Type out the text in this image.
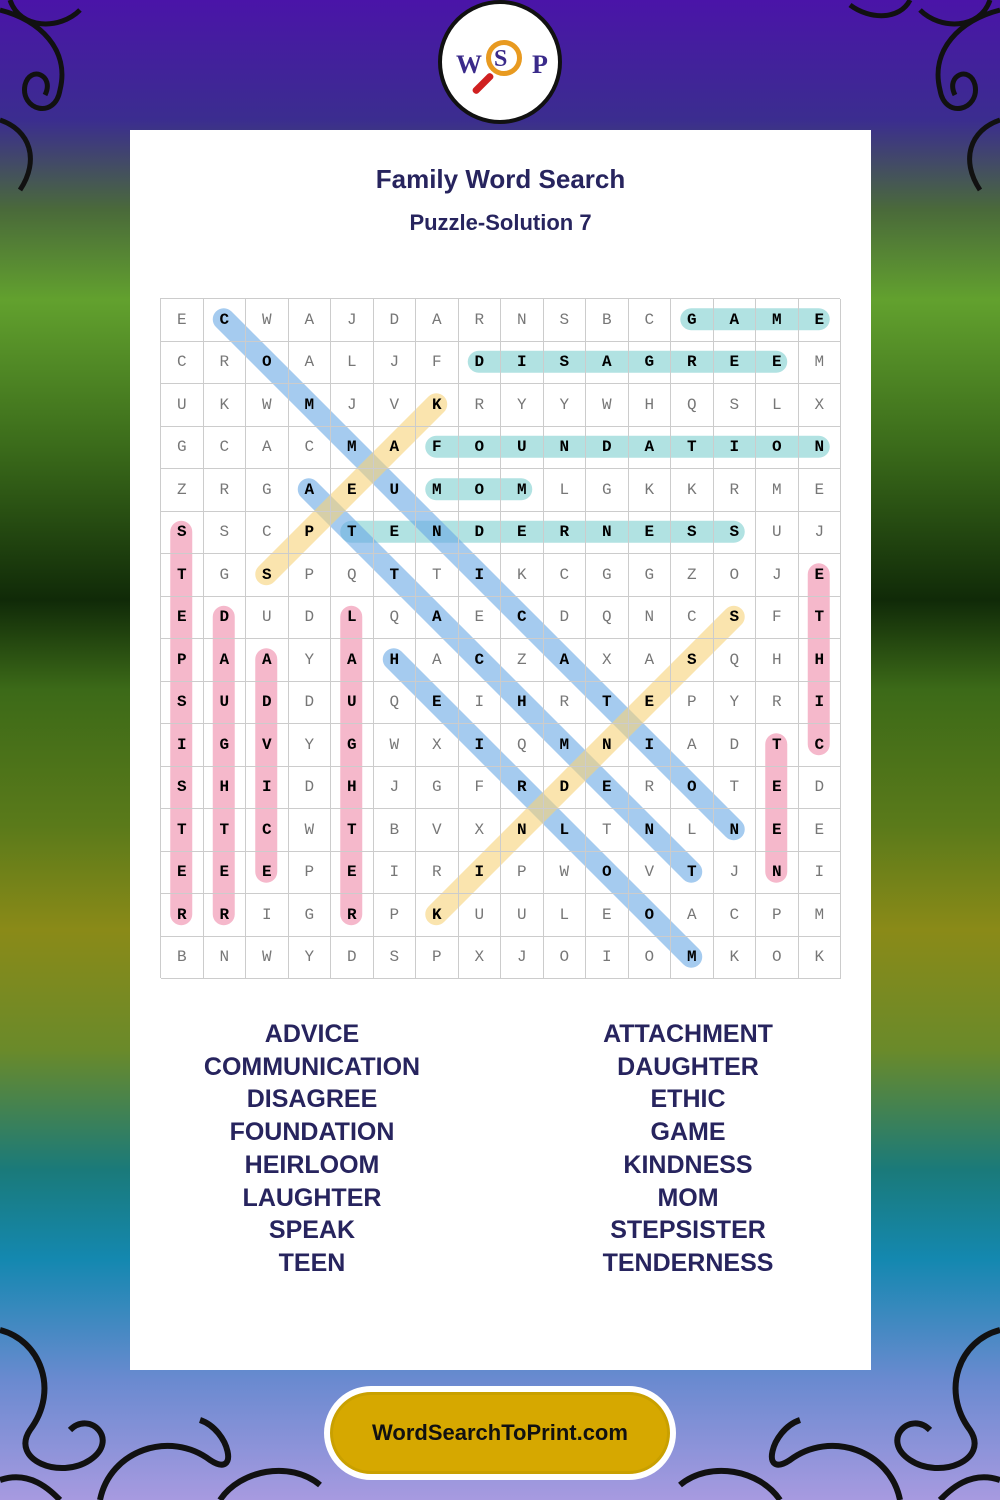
W S P
Family Word Search
Puzzle-Solution 7
E	C	W	A	J	D	A	R	N	S	B	C	G	A	M	E
C	R	O	A	L	J	F	D	I	S	A	G	R	E	E	M
U	K	W	M	J	V	K	R	Y	Y	W	H	Q	S	L	X
G	C	A	C	M	A	F	O	U	N	D	A	T	I	O	N
Z	R	G	A	E	U	M	O	M	L	G	K	K	R	M	E
S	S	C	P	T	E	N	D	E	R	N	E	S	S	U	J
T	G	S	P	Q	T	T	I	K	C	G	G	Z	O	J	E
E	D	U	D	L	Q	A	E	C	D	Q	N	C	S	F	T
P	A	A	Y	A	H	A	C	Z	A	X	A	S	Q	H	H
S	U	D	D	U	Q	E	I	H	R	T	E	P	Y	R	I
I	G	V	Y	G	W	X	I	Q	M	N	I	A	D	T	C
S	H	I	D	H	J	G	F	R	D	E	R	O	T	E	D
T	T	C	W	T	B	V	X	N	L	T	N	L	N	E	E
E	E	E	P	E	I	R	I	P	W	O	V	T	J	N	I
R	R	I	G	R	P	K	U	U	L	E	O	A	C	P	M
B	N	W	Y	D	S	P	X	J	O	I	O	M	K	O	K
ADVICE
COMMUNICATION
DISAGREE
FOUNDATION
HEIRLOOM
LAUGHTER
SPEAK
TEEN
ATTACHMENT
DAUGHTER
ETHIC
GAME
KINDNESS
MOM
STEPSISTER
TENDERNESS
WordSearchToPrint.com
